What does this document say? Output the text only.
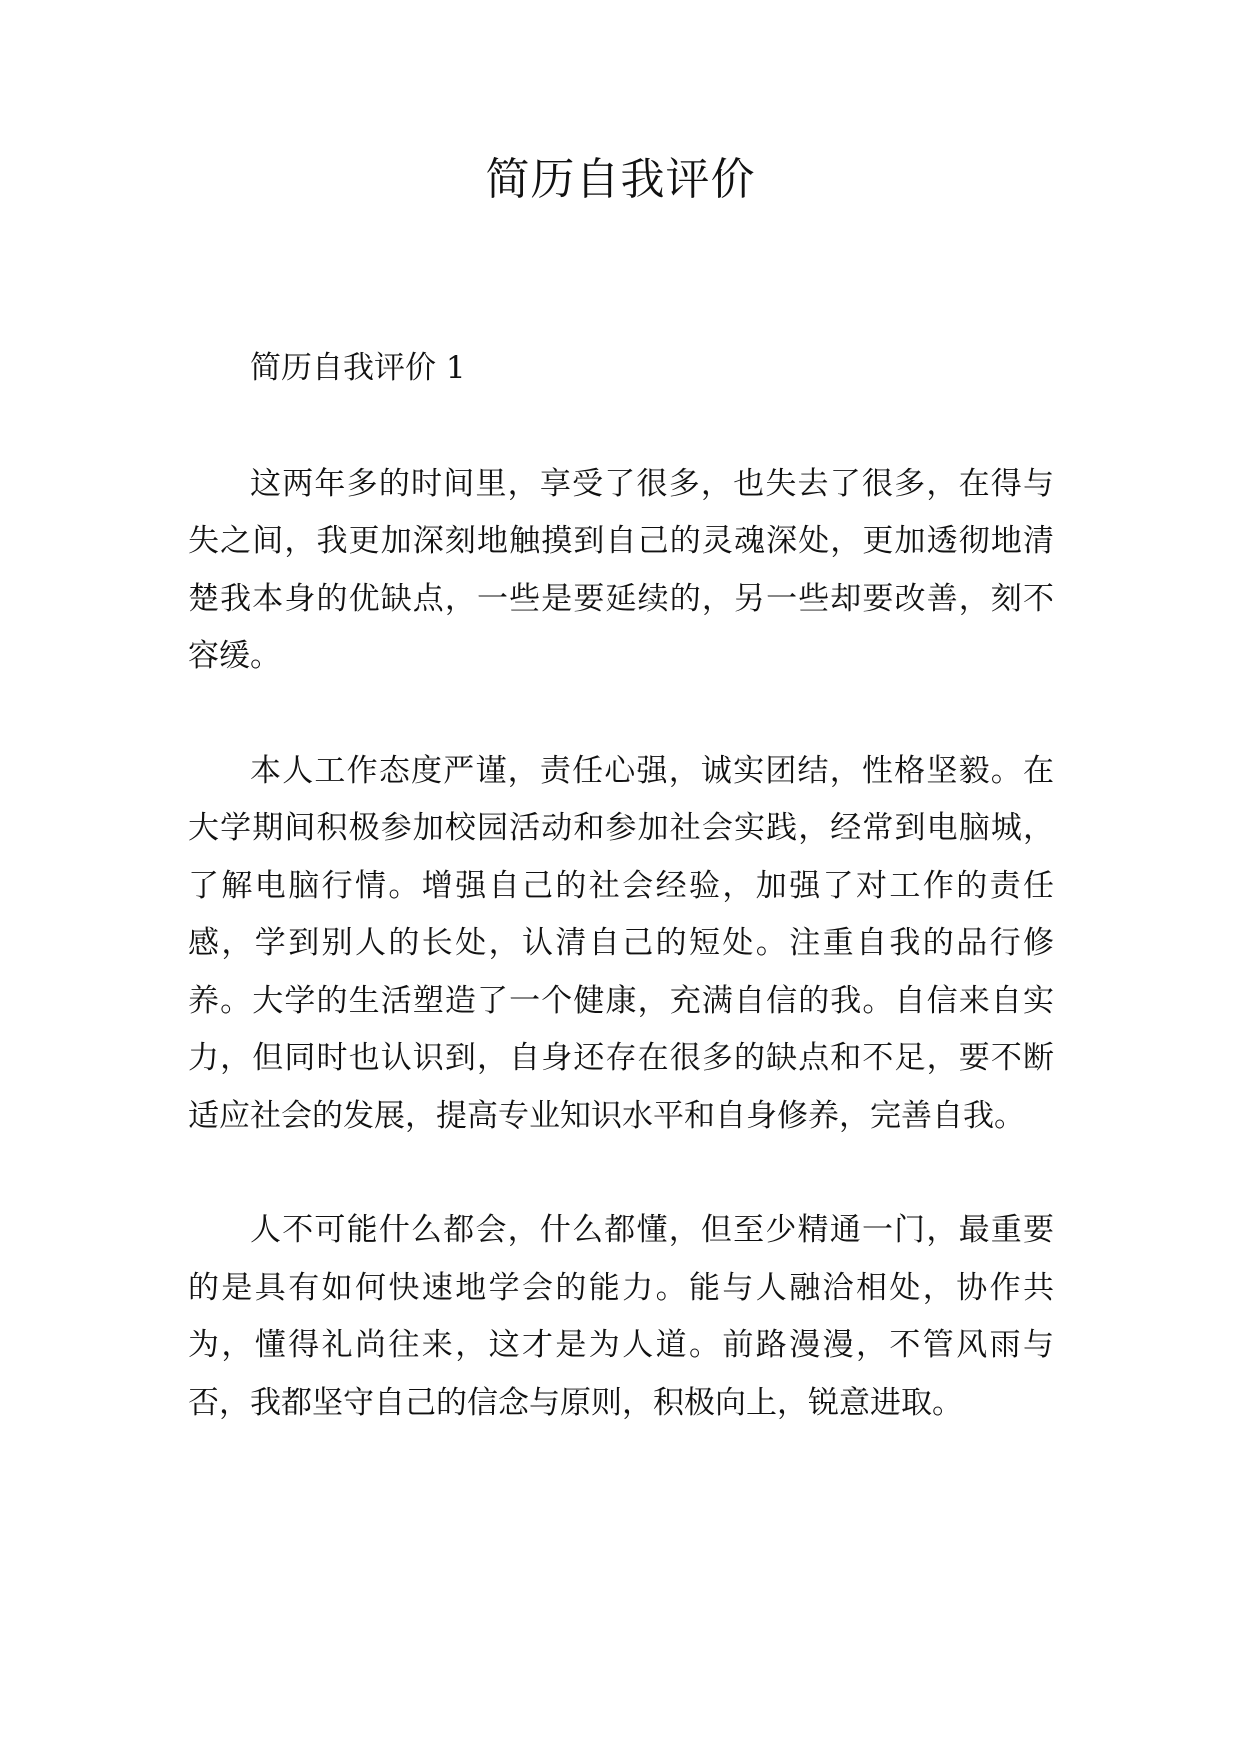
简历自我评价
简历自我评价 1

这两年多的时间里，享受了很多，也失去了很多，在得与失之间，我更加深刻地触摸到自己的灵魂深处，更加透彻地清楚我本身的优缺点，一些是要延续的，另一些却要改善，刻不容缓。

本人工作态度严谨，责任心强，诚实团结，性格坚毅。在大学期间积极参加校园活动和参加社会实践，经常到电脑城，了解电脑行情。增强自己的社会经验，加强了对工作的责任感，学到别人的长处，认清自己的短处。注重自我的品行修养。大学的生活塑造了一个健康，充满自信的我。自信来自实力，但同时也认识到，自身还存在很多的缺点和不足，要不断适应社会的发展，提高专业知识水平和自身修养，完善自我。

人不可能什么都会，什么都懂，但至少精通一门，最重要的是具有如何快速地学会的能力。能与人融洽相处，协作共为，懂得礼尚往来，这才是为人道。前路漫漫，不管风雨与否，我都坚守自己的信念与原则，积极向上，锐意进取。
